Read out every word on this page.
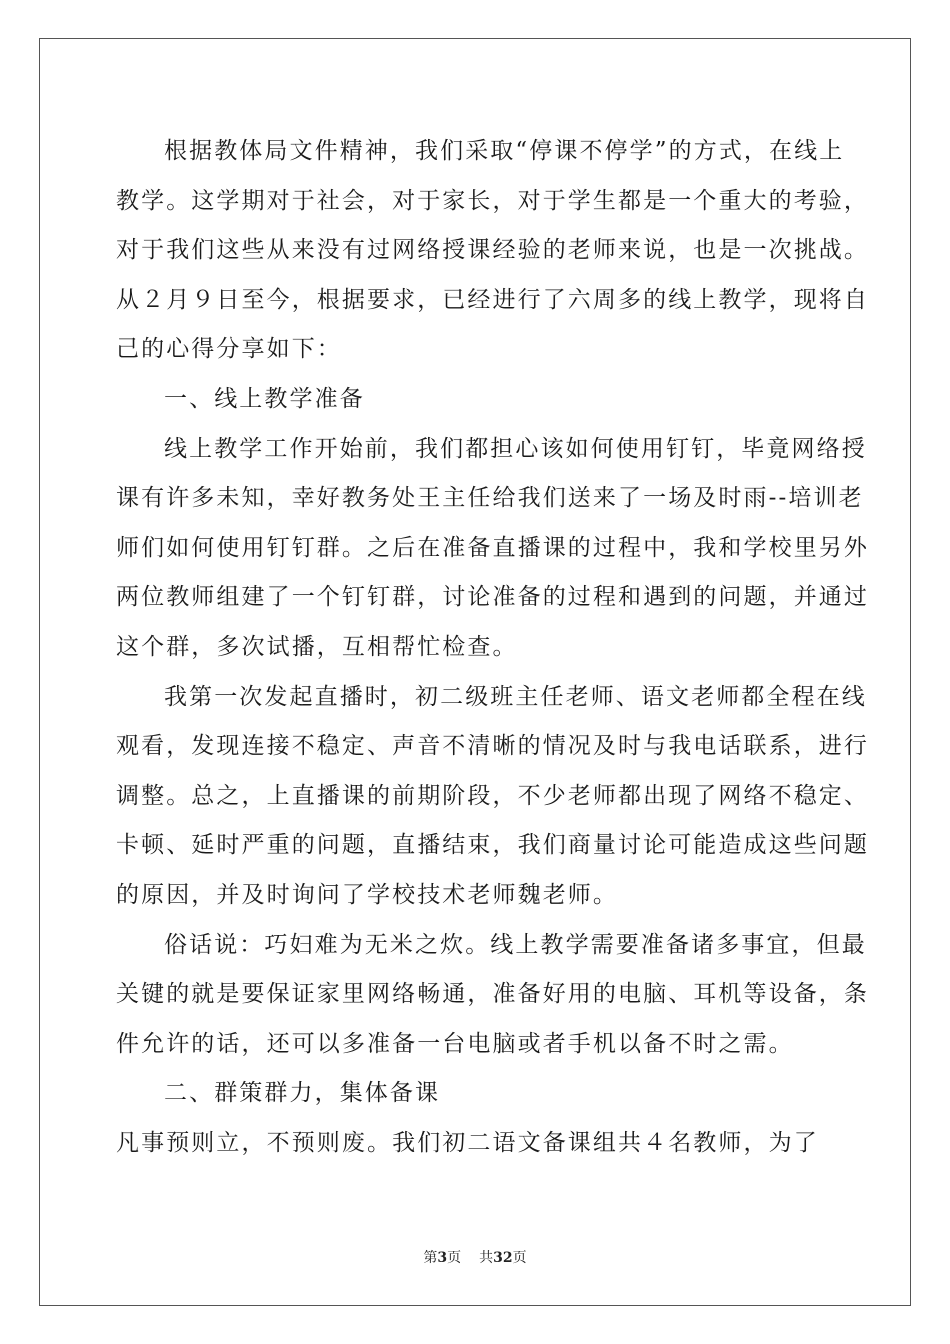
根据教体局文件精神，我们采取“停课不停学”的方式，在线上
教学。这学期对于社会，对于家长，对于学生都是一个重大的考验，
对于我们这些从来没有过网络授课经验的老师来说，也是一次挑战。
从２月９日至今，根据要求，已经进行了六周多的线上教学，现将自
己的心得分享如下：
一、线上教学准备
线上教学工作开始前，我们都担心该如何使用钉钉，毕竟网络授
课有许多未知，幸好教务处王主任给我们送来了一场及时雨--培训老
师们如何使用钉钉群。之后在准备直播课的过程中，我和学校里另外
两位教师组建了一个钉钉群，讨论准备的过程和遇到的问题，并通过
这个群，多次试播，互相帮忙检查。
我第一次发起直播时，初二级班主任老师、语文老师都全程在线
观看，发现连接不稳定、声音不清晰的情况及时与我电话联系，进行
调整。总之，上直播课的前期阶段，不少老师都出现了网络不稳定、
卡顿、延时严重的问题，直播结束，我们商量讨论可能造成这些问题
的原因，并及时询问了学校技术老师魏老师。
俗话说：巧妇难为无米之炊。线上教学需要准备诸多事宜，但最
关键的就是要保证家里网络畅通，准备好用的电脑、耳机等设备，条
件允许的话，还可以多准备一台电脑或者手机以备不时之需。
二、群策群力，集体备课
凡事预则立，不预则废。我们初二语文备课组共４名教师，为了
第3页 共32页
